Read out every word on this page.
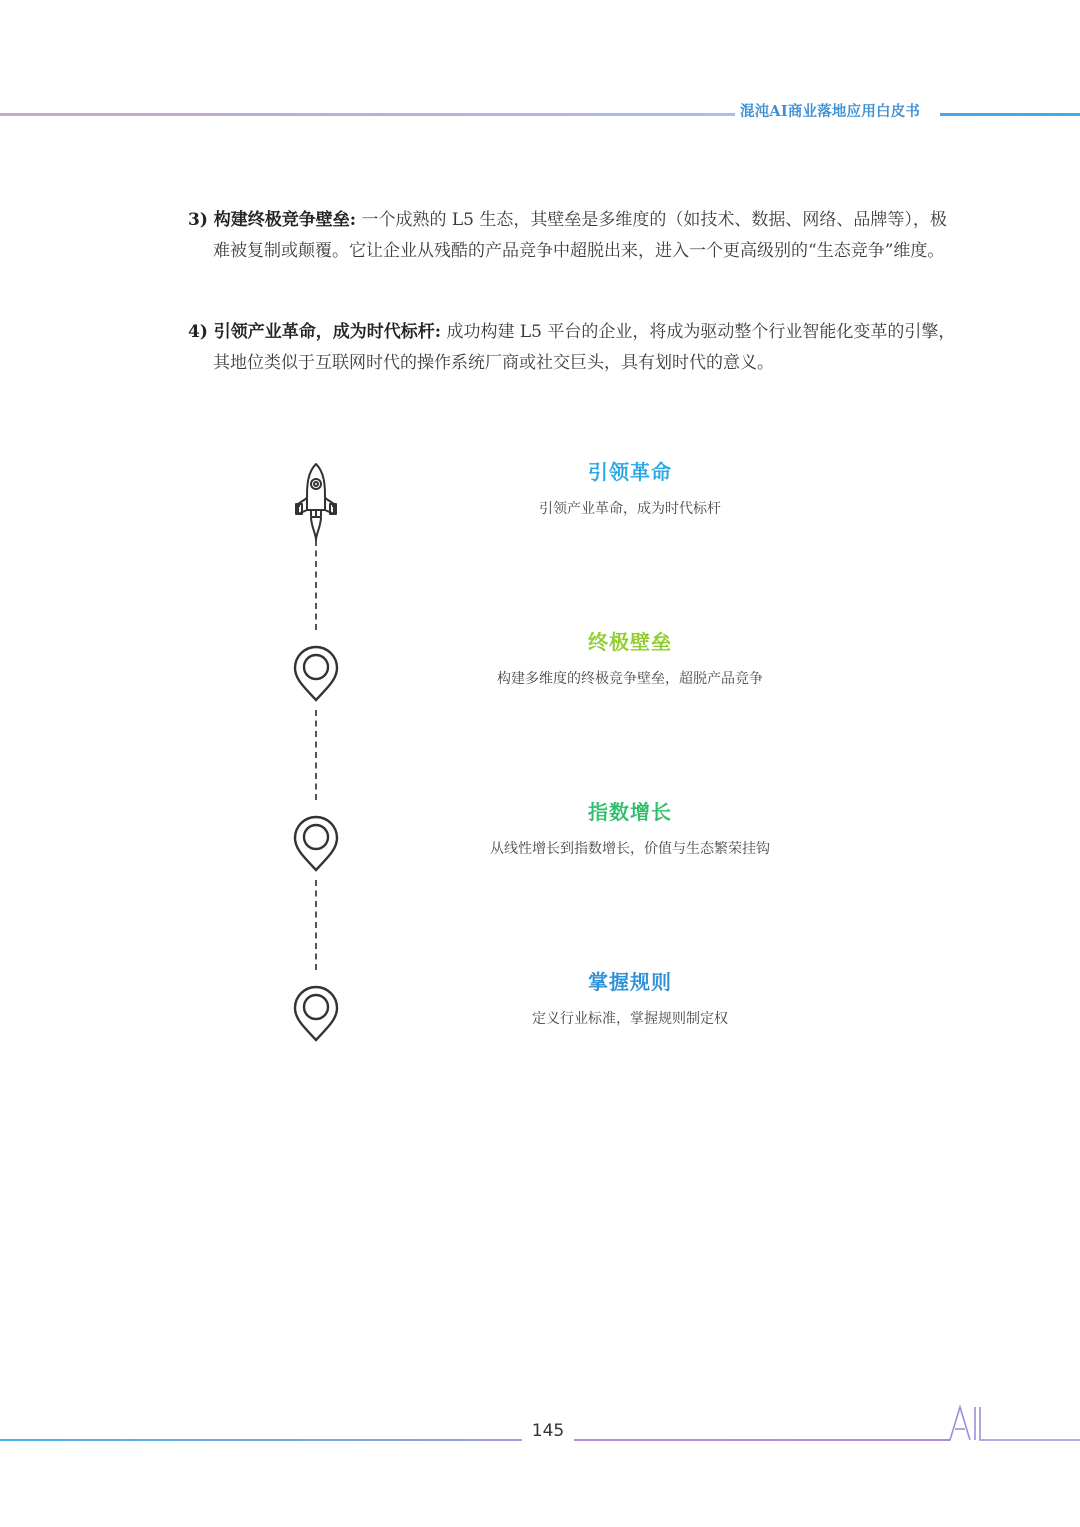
混沌AI商业落地应用白皮书
3) 构建终极竞争壁垒: 一个成熟的 L5 生态，其壁垒是多维度的（如技术、数据、网络、品牌等），极难被复制或颠覆。它让企业从残酷的产品竞争中超脱出来，进入一个更高级别的“生态竞争”维度。
4) 引领产业革命，成为时代标杆: 成功构建 L5 平台的企业，将成为驱动整个行业智能化变革的引擎，其地位类似于互联网时代的操作系统厂商或社交巨头，具有划时代的意义。
引领革命
引领产业革命，成为时代标杆
终极壁垒
构建多维度的终极竞争壁垒，超脱产品竞争
指数增长
从线性增长到指数增长，价值与生态繁荣挂钩
掌握规则
定义行业标准，掌握规则制定权
145
